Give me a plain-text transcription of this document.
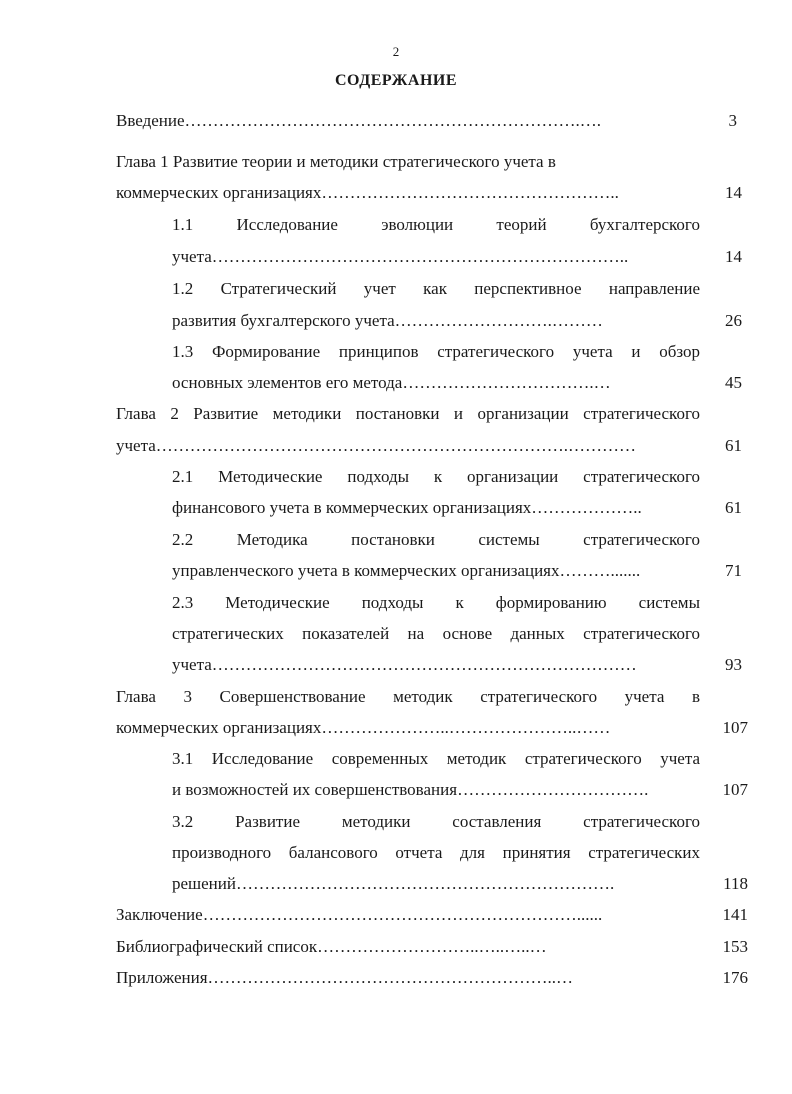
2
СОДЕРЖАНИЕ
Введение…………………………………………………………….….	3
Глава 1 Развитие теории и методики стратегического учета в
коммерческих организациях……………………………………………..	14
1.1 Исследование эволюции теорий бухгалтерского
учета………………………………………………………………..	14
1.2 Стратегический учет как перспективное направление
развития бухгалтерского учета……………………….………	26
1.3 Формирование принципов стратегического учета и обзор
основных элементов его метода…………………………….…	45
Глава 2 Развитие методики постановки и организации стратегического
учета……………………………………………………………….…………	61
2.1 Методические подходы к организации стратегического
финансового учета в коммерческих организациях………………..	61
2.2 Методика постановки системы стратегического
управленческого учета в коммерческих организациях……….......	71
2.3 Методические подходы к формированию системы
стратегических показателей на основе данных стратегического
учета…………………………………………………………………	93
Глава 3 Совершенствование методик стратегического учета в
коммерческих организациях…………………..…………………..……	107
3.1 Исследование современных методик стратегического учета
и возможностей их совершенствования…………………………….	107
3.2 Развитие методики составления стратегического
производного балансового отчета для принятия стратегических
решений………………………………………………………….	118
Заключение…………………………………………………………......	141
Библиографический список………………………..…..…..…	153
Приложения……………………………………………………..…	176
